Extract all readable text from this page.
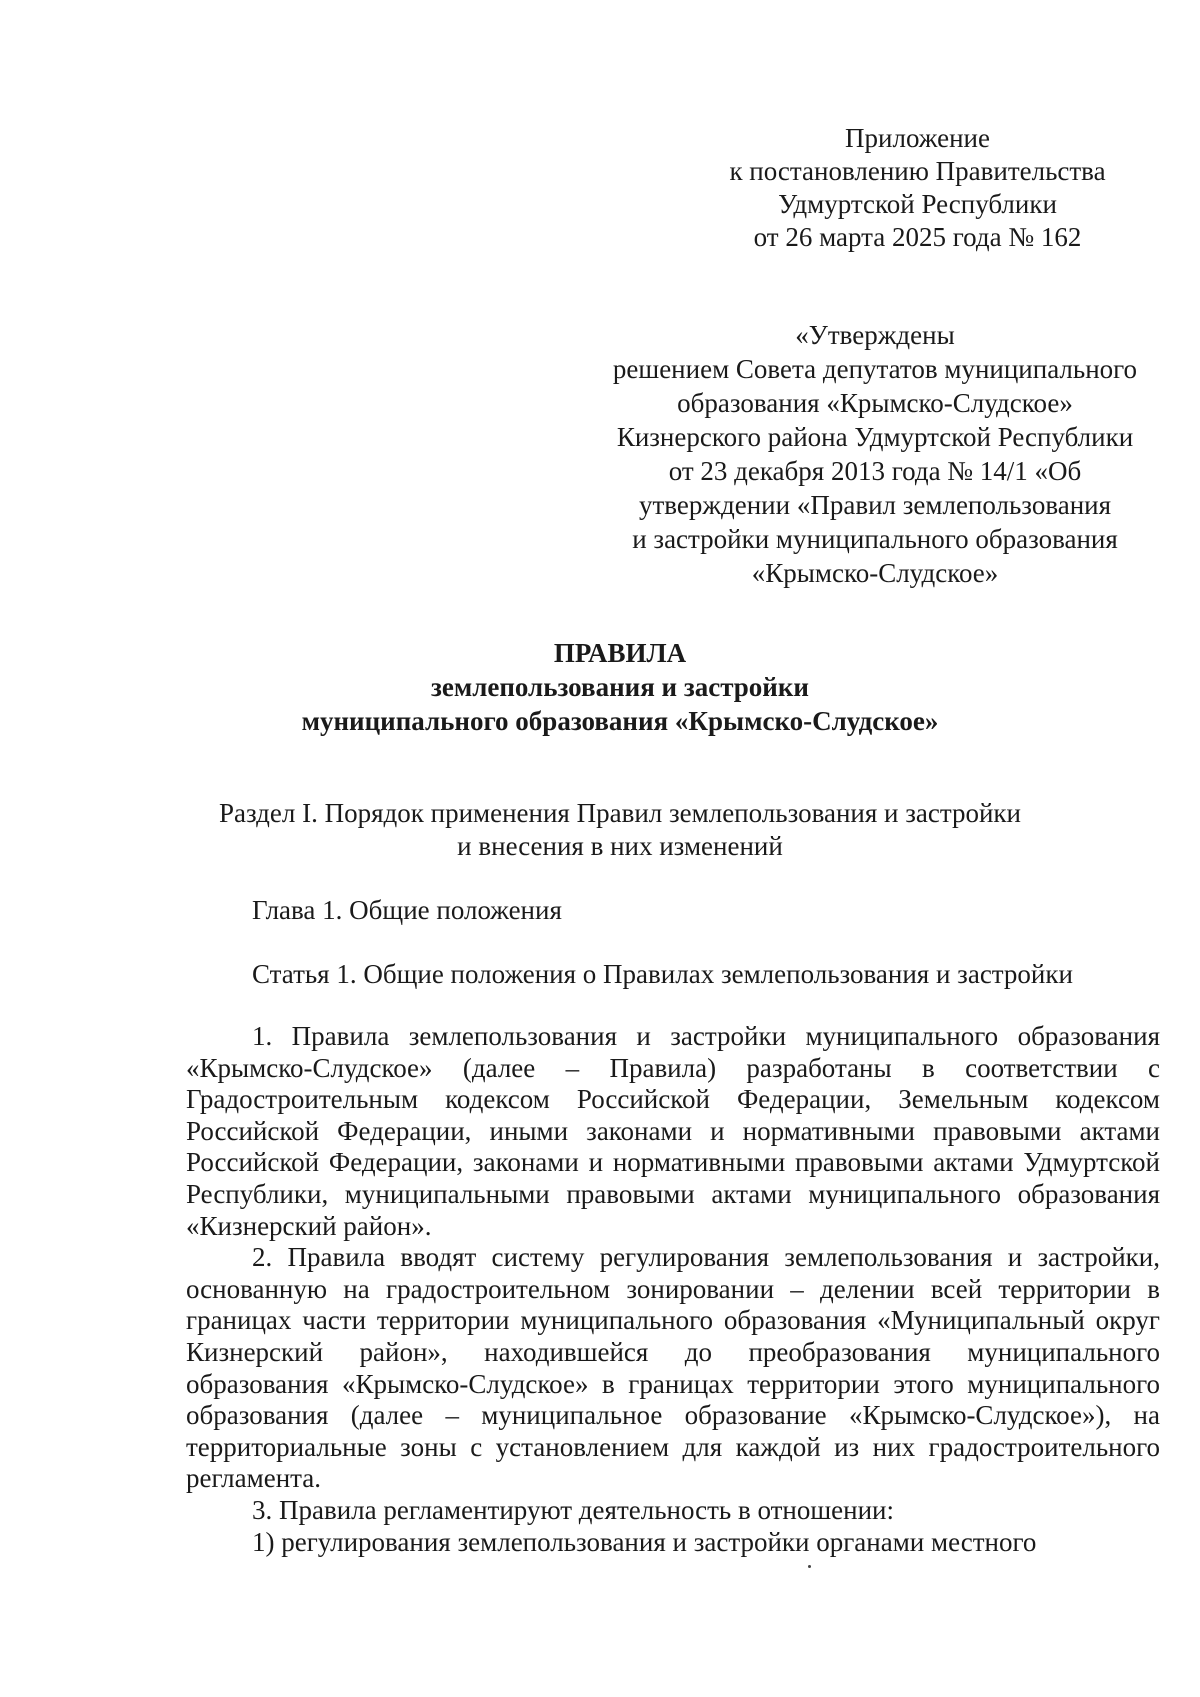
Приложение
к постановлению Правительства
Удмуртской Республики
от 26 марта 2025 года № 162
«Утверждены
решением Совета депутатов муниципального
образования «Крымско-Слудское»
Кизнерского района Удмуртской Республики
от 23 декабря 2013 года № 14/1 «Об
утверждении «Правил землепользования
и застройки муниципального образования
«Крымско-Слудское»
ПРАВИЛА
землепользования и застройки
муниципального образования «Крымско-Слудское»
Раздел I. Порядок применения Правил землепользования и застройки
и внесения в них изменений
Глава 1. Общие положения
Статья 1. Общие положения о Правилах землепользования и застройки

1. Правила землепользования и застройки муниципального образования «Крымско-Слудское» (далее – Правила) разработаны в соответствии с Градостроительным кодексом Российской Федерации, Земельным кодексом Российской Федерации, иными законами и нормативными правовыми актами Российской Федерации, законами и нормативными правовыми актами Удмуртской Республики, муниципальными правовыми актами муниципального образования «Кизнерский район».

2. Правила вводят систему регулирования землепользования и застройки, основанную на градостроительном зонировании – делении всей территории в границах части территории муниципального образования «Муниципальный округ Кизнерский район», находившейся до преобразования муниципального образования «Крымско-Слудское» в границах территории этого муниципального образования (далее – муниципальное образование «Крымско-Слудское»), на территориальные зоны с установлением для каждой из них градостроительного регламента.

3. Правила регламентируют деятельность в отношении:

1) регулирования землепользования и застройки органами местного
